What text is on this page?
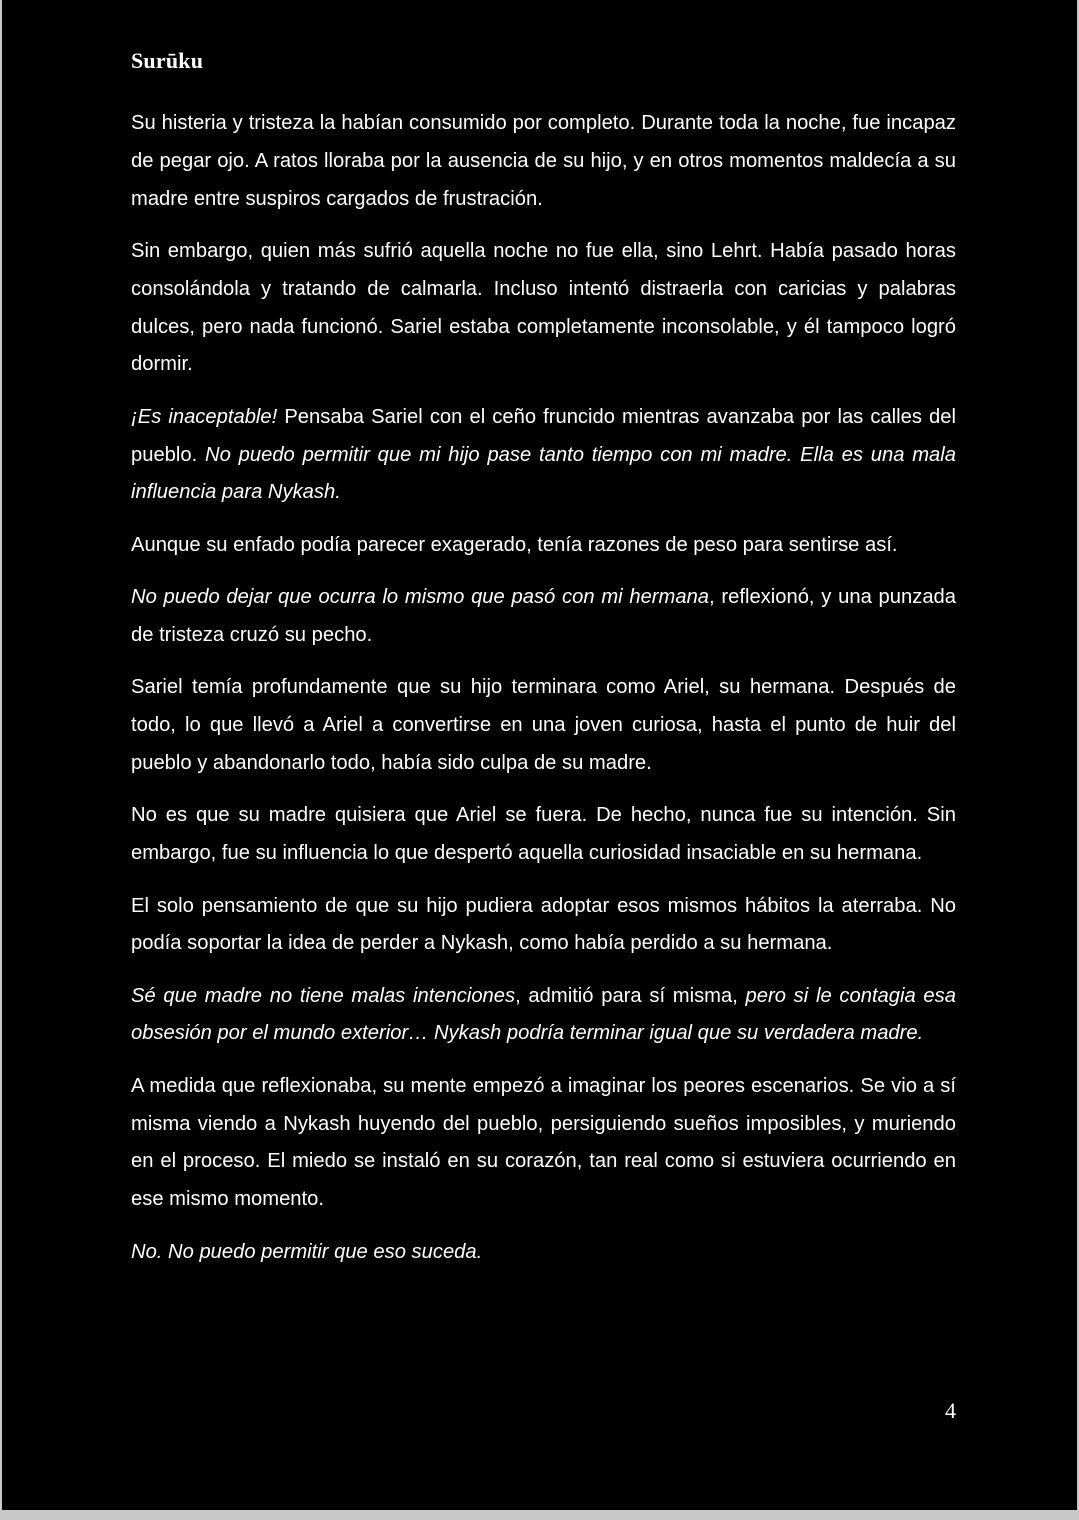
Surūku

Su histeria y tristeza la habían consumido por completo. Durante toda la noche, fue incapaz de pegar ojo. A ratos lloraba por la ausencia de su hijo, y en otros momentos maldecía a su madre entre suspiros cargados de frustración.

Sin embargo, quien más sufrió aquella noche no fue ella, sino Lehrt. Había pasado horas consolándola y tratando de calmarla. Incluso intentó distraerla con caricias y palabras dulces, pero nada funcionó. Sariel estaba completamente inconsolable, y él tampoco logró dormir.

¡Es inaceptable! Pensaba Sariel con el ceño fruncido mientras avanzaba por las calles del pueblo. No puedo permitir que mi hijo pase tanto tiempo con mi madre. Ella es una mala influencia para Nykash.

Aunque su enfado podía parecer exagerado, tenía razones de peso para sentirse así.

No puedo dejar que ocurra lo mismo que pasó con mi hermana, reflexionó, y una punzada de tristeza cruzó su pecho.

Sariel temía profundamente que su hijo terminara como Ariel, su hermana. Después de todo, lo que llevó a Ariel a convertirse en una joven curiosa, hasta el punto de huir del pueblo y abandonarlo todo, había sido culpa de su madre.

No es que su madre quisiera que Ariel se fuera. De hecho, nunca fue su intención. Sin embargo, fue su influencia lo que despertó aquella curiosidad insaciable en su hermana.

El solo pensamiento de que su hijo pudiera adoptar esos mismos hábitos la aterraba. No podía soportar la idea de perder a Nykash, como había perdido a su hermana.

Sé que madre no tiene malas intenciones, admitió para sí misma, pero si le contagia esa obsesión por el mundo exterior… Nykash podría terminar igual que su verdadera madre.

A medida que reflexionaba, su mente empezó a imaginar los peores escenarios. Se vio a sí misma viendo a Nykash huyendo del pueblo, persiguiendo sueños imposibles, y muriendo en el proceso. El miedo se instaló en su corazón, tan real como si estuviera ocurriendo en ese mismo momento.

No. No puedo permitir que eso suceda.

4
